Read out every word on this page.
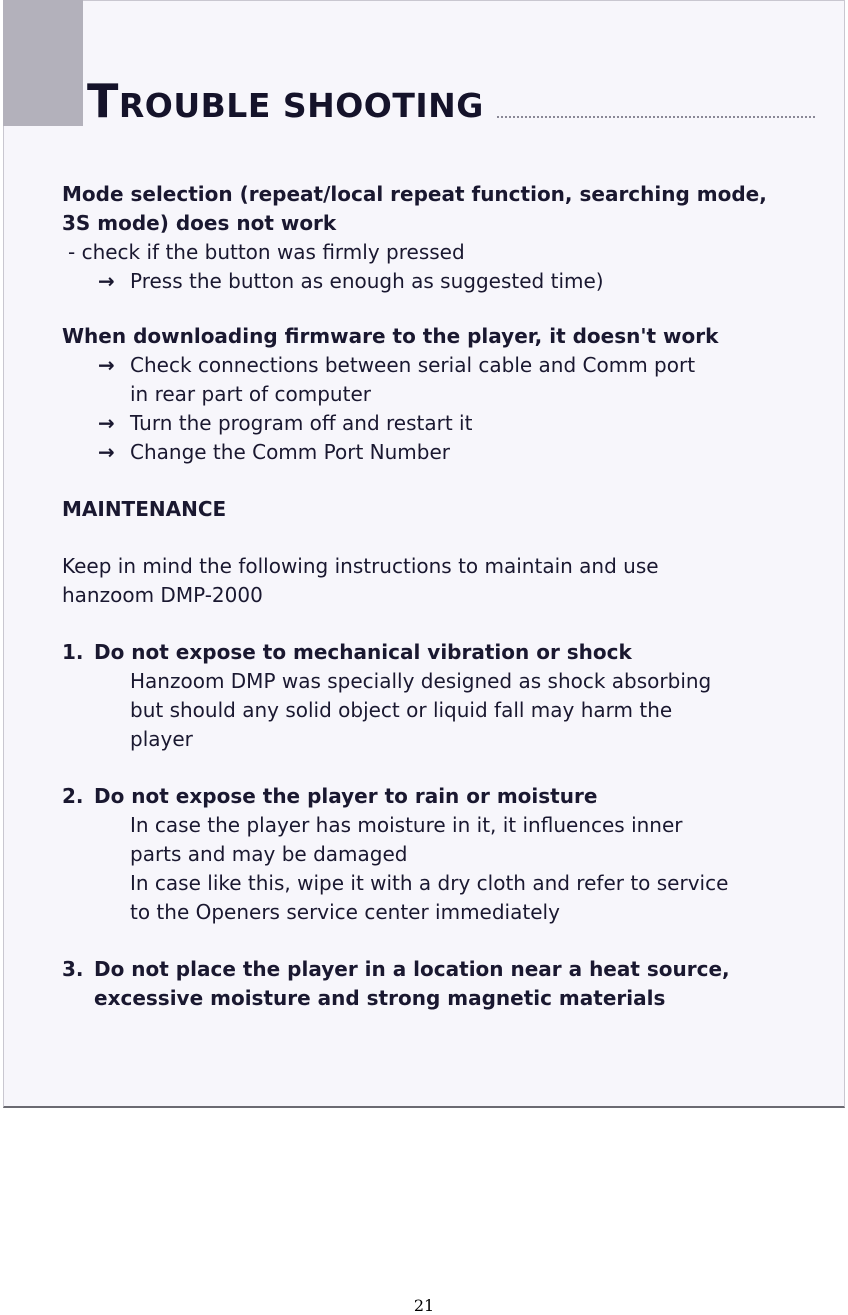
TROUBLE SHOOTING
Mode selection (repeat/local repeat function, searching mode,
3S mode) does not work
- check if the button was firmly pressed
→ Press the button as enough as suggested time)
When downloading firmware to the player, it doesn't work
→ Check connections between serial cable and Comm port
in rear part of computer
→ Turn the program off and restart it
→ Change the Comm Port Number
MAINTENANCE
Keep in mind the following instructions to maintain and use
hanzoom DMP-2000
1. Do not expose to mechanical vibration or shock
Hanzoom DMP was specially designed as shock absorbing
but should any solid object or liquid fall may harm the
player
2. Do not expose the player to rain or moisture
In case the player has moisture in it, it influences inner
parts and may be damaged
In case like this, wipe it with a dry cloth and refer to service
to the Openers service center immediately
3. Do not place the player in a location near a heat source,
excessive moisture and strong magnetic materials
21
